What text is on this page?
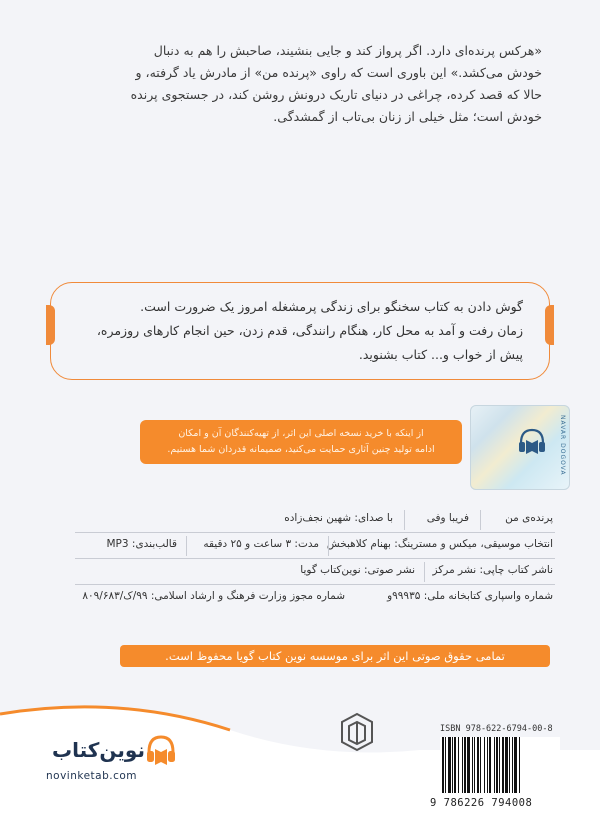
«هرکس پرنده‌ای دارد. اگر پرواز کند و جایی بنشیند، صاحبش را هم به دنبال
خودش می‌کشد.» این باوری است که راوی «پرنده من» از مادرش یاد گرفته، و
حالا که قصد کرده، چراغی در دنیای تاریک درونش روشن کند، در جستجوی پرنده
خودش است؛ مثل خیلی از زنان بی‌تاب از گمشدگی.
گوش دادن به کتاب سخنگو برای زندگی پرمشغله امروز یک ضرورت است.
زمان رفت و آمد به محل کار، هنگام رانندگی، قدم زدن، حین انجام کارهای روزمره،
پیش از خواب و... کتاب بشنوید.
از اینکه با خرید نسخه اصلی این اثر، از تهیه‌کنندگان آن و امکان
ادامه تولید چنین آثاری حمایت می‌کنید، صمیمانه قدردان شما هستیم.	NAVAR DOGOVA
پرنده‌ی من
فریبا وفی
با صدای: شهین نجف‌زاده
انتخاب موسیقی، میکس و مسترینگ: بهنام کلاهبخش
مدت: ۳ ساعت و ۲۵ دقیقه
قالب‌بندی: MP3
ناشر کتاب چاپی: نشر مرکز
نشر صوتی: نوین‌کتاب گویا
شماره واسپاری کتابخانه ملی: ۹۹۹۳۵و
شماره مجوز وزارت فرهنگ و ارشاد اسلامی: ۹۹/ک/۸۰۹/۶۸۳
تمامی حقوق صوتی این اثر برای موسسه نوین کتاب گویا محفوظ است.
نوین‌کتاب
novinketab.com
ISBN 978-622-6794-00-8
9 786226 794008
